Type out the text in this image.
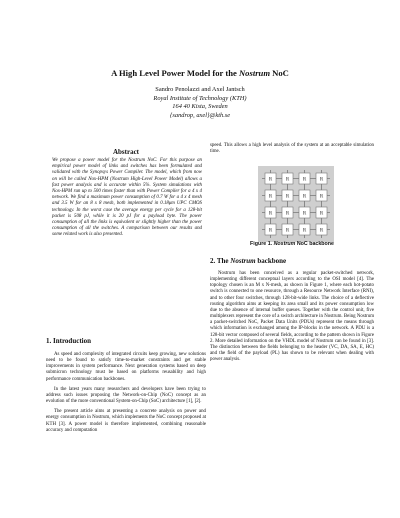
A High Level Power Model for the Nostrum NoC
Sandro Penolazzi and Axel Jantsch
Royal Institute of Technology (KTH)
164 40 Kista, Sweden
{sandrop, axel}@kth.se
Abstract
We propose a power model for the Nostrum NoC. For this purpose an empirical power model of links and switches has been formulated and validated with the Synopsys Power Compiler. The model, which from now on will be called Nox-HPM (Nostrum High-Level Power Model) allows a fast power analysis and is accurate within 5%. System simulations with Nox-HPM run up to 500 times faster than with Power Compiler for a 4 x 4 network. We find a maximum power consumption of 0.7 W for a 4 x 4 mesh and 3.5 W for an 8 x 8 mesh, both implemented in 0.18μm UPC CMOS technology. In the worst case the average energy per cycle for a 128-bit packet is 508 pJ, while it is 20 pJ for a payload byte. The power consumption of all the links is equivalent or slightly higher than the power consumption of all the switches. A comparison between our results and some related work is also presented.
1. Introduction

As speed and complexity of integrated circuits keep growing, new solutions need to be found to satisfy time-to-market constraints and get stable improvements in system performance. Next generation systems based on deep submicron technology must be based on platforms reusability and high performance communication backbones.

In the latest years many researchers and developers have been trying to address such issues proposing the Network-on-Chip (NoC) concept as an evolution of the more conventional System-on-Chip (SoC) architecture [1], [2].

The present article aims at presenting a concrete analysis on power and energy consumption in Nostrum, which implements the NoC concept proposed at KTH [3]. A power model is therefore implemented, combining reasonable accuracy and computation

speed. This allows a high level analysis of the system at an acceptable simulation time.
R	R	R	R
R	R	R	R
R	R	R	R
R	R	R	R
Figure 1. Nostrum NoC backbone
2. The Nostrum backbone

Nostrum has been conceived as a regular packet-switched network, implementing different conceptual layers according to the OSI model [4]. The topology chosen is an M x N-mesh, as shown in Figure 1, where each hot-potato switch is connected to one resource, through a Resource Network Interface (RNI), and to other four switches, through 128-bit-wide links. The choice of a deflective routing algorithm aims at keeping its area small and its power consumption low due to the absence of internal buffer queues. Together with the control unit, five multiplexers represent the core of a switch architecture in Nostrum. Being Nostrum a packet-switched NoC, Packet Data Units (PDUs) represent the means through which information is exchanged among the IP-blocks in the network. A PDU is a 128-bit vector composed of several fields, according to the pattern shown in Figure 2. More detailed information on the VHDL model of Nostrum can be found in [3]. The distinction between the fields belonging to the header (VC, DA, SA, E, HC) and the field of the payload (PL) has shown to be relevant when dealing with power analysis.
